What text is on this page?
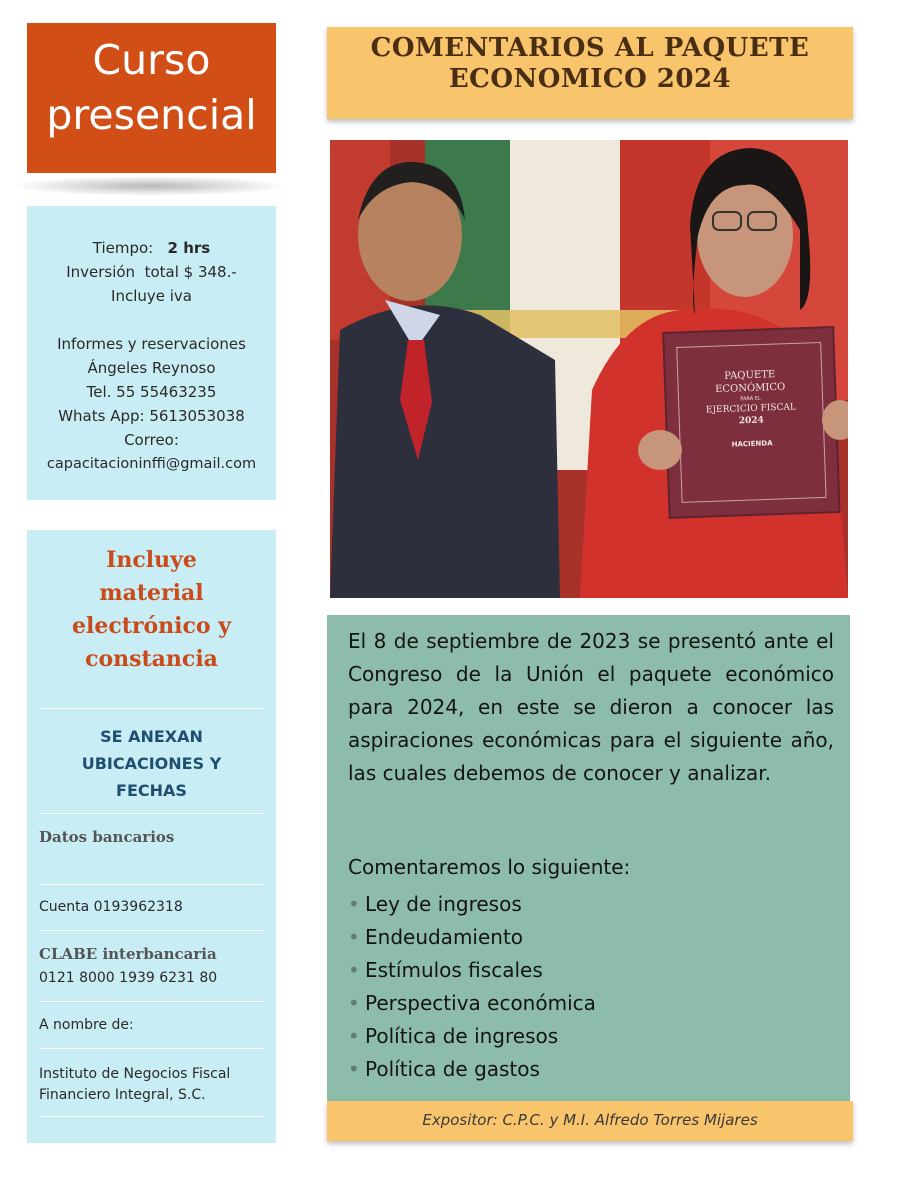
Curso
presencial
COMENTARIOS AL PAQUETE
ECONOMICO 2024
Tiempo: 2 hrs
Inversión  total $ 348.-
Incluye iva
Informes y reservaciones
Ángeles Reynoso
Tel. 55 55463235
Whats App: 5613053038
Correo:
capacitacioninffi@gmail.com
Incluye
material
electrónico y
constancia
SE ANEXAN
UBICACIONES Y
FECHAS
Datos bancarios
Cuenta 0193962318
CLABE interbancaria
0121 8000 1939 6231 80
A nombre de:
Instituto de Negocios Fiscal
Financiero Integral, S.C.
PAQUETE
ECONÓMICO
PARA EL
EJERCICIO FISCAL
2024
HACIENDA
El 8 de septiembre de 2023 se presentó ante el Congreso de la Unión el paquete económico para 2024, en este se dieron a conocer las aspiraciones económicas para el siguiente año, las cuales debemos de conocer y analizar.
Comentaremos lo siguiente:
• Ley de ingresos
• Endeudamiento
• Estímulos fiscales
• Perspectiva económica
• Política de ingresos
• Política de gastos
Expositor: C.P.C. y M.I. Alfredo Torres Mijares
